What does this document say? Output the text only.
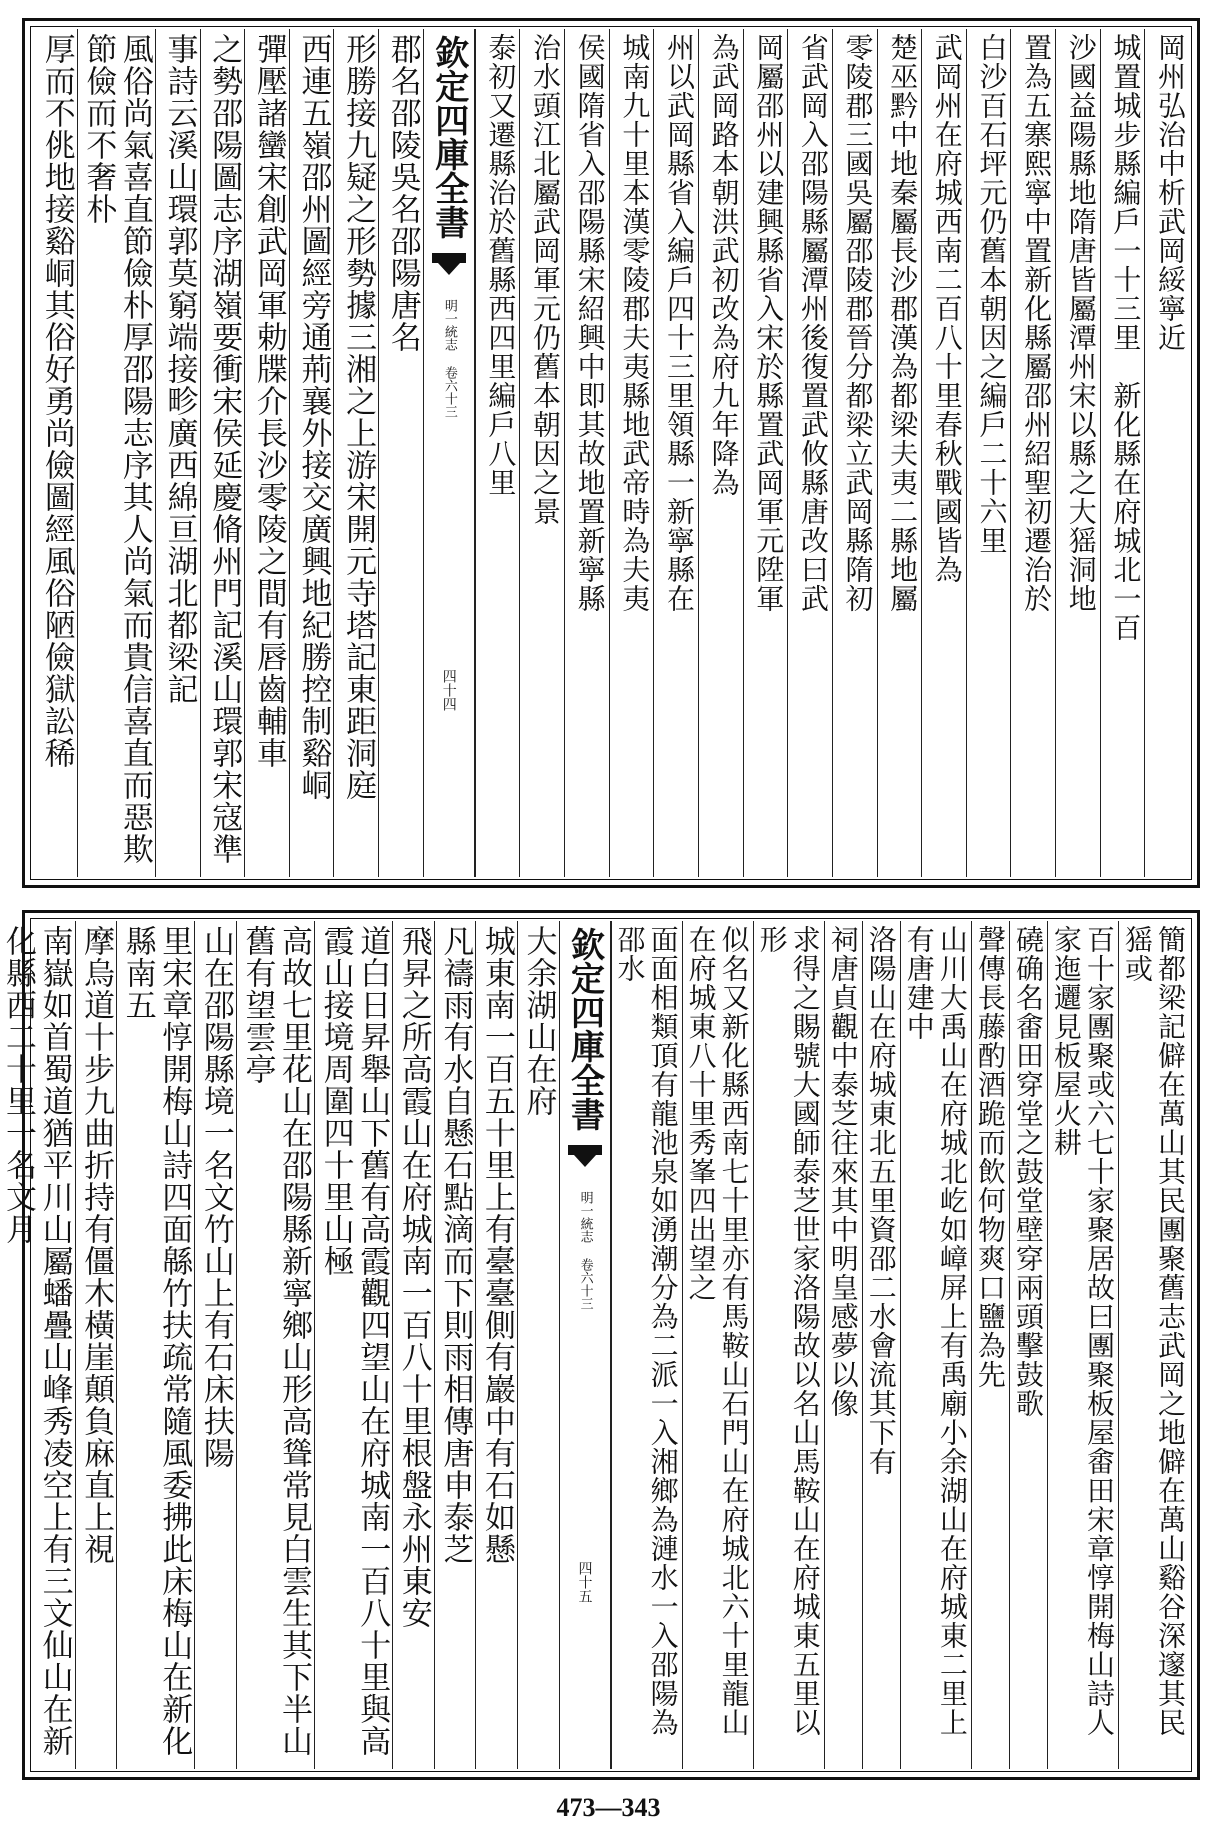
岡州弘治中析武岡綏寧近
城置城步縣編戶一十三里　新化縣在府城北一百
沙國益陽縣地隋唐皆屬潭州宋以縣之大猺洞地
置為五寨熙寧中置新化縣屬邵州紹聖初遷治於
白沙百石坪元仍舊本朝因之編戶二十六里
武岡州在府城西南二百八十里春秋戰國皆為
楚巫黔中地秦屬長沙郡漢為都梁夫夷二縣地屬
零陵郡三國吳屬邵陵郡晉分都梁立武岡縣隋初
省武岡入邵陽縣屬潭州後復置武攸縣唐改曰武
岡屬邵州以建興縣省入宋於縣置武岡軍元陞軍
為武岡路本朝洪武初改為府九年降為
州以武岡縣省入編戶四十三里領縣一新寧縣在
城南九十里本漢零陵郡夫夷縣地武帝時為夫夷
侯國隋省入邵陽縣宋紹興中即其故地置新寧縣
治水頭江北屬武岡軍元仍舊本朝因之景
泰初又遷縣治於舊縣西四里編戶八里
欽定四庫全書
明一統志 卷六十三
四十四
郡名邵陵吳名邵陽唐名
形勝接九疑之形勢據三湘之上游宋開元寺塔記東距洞庭
西連五嶺邵州圖經旁通荊襄外接交廣興地紀勝控制谿峒
彈壓諸蠻宋創武岡軍勅牒介長沙零陵之間有唇齒輔車
之勢邵陽圖志序湖嶺要衝宋侯延慶脩州門記溪山環郭宋寇準
事詩云溪山環郭莫窮端接畛廣西綿亘湖北都梁記
風俗尚氣喜直節儉朴厚邵陽志序其人尚氣而貴信喜直而惡欺節儉而不奢朴
厚而不佻地接谿峒其俗好勇尚儉圖經風俗陋儉獄訟稀
簡都梁記僻在萬山其民團聚舊志武岡之地僻在萬山谿谷深邃其民猺或
百十家團聚或六七十家聚居故曰團聚板屋畬田宋章惇開梅山詩人家迤邐見板屋火耕
磽确名畬田穿堂之鼓堂壁穿兩頭擊鼓歌
聲傳長藤酌酒跪而飲何物爽口鹽為先
山川大禹山在府城北屹如嶂屏上有禹廟小余湖山在府城東二里上有唐建中
洛陽山在府城東北五里資邵二水會流其下有
祠唐貞觀中泰芝往來其中明皇感夢以像
求得之賜號大國師泰芝世家洛陽故以名山馬鞍山在府城東五里以形
似名又新化縣西南七十里亦有馬鞍山石門山在府城北六十里龍山在府城東八十里秀峯四出望之
面面相類頂有龍池泉如湧潮分為二派一入湘鄉為漣水一入邵陽為邵水
欽定四庫全書
明一統志 卷六十三
四十五
大余湖山在府
城東南一百五十里上有臺臺側有巖中有石如懸
凡禱雨有水自懸石點滴而下則雨相傳唐申泰芝
飛昇之所高霞山在府城南一百八十里根盤永州東安
道白日昇舉山下舊有高霞觀四望山在府城南一百八十里與高霞山接境周圍四十里山極
高故七里花山在邵陽縣新寧鄉山形高聳常見白雲生其下半山舊有望雲亭
山在邵陽縣境一名文竹山上有石床扶陽
里宋章惇開梅山詩四面緜竹扶疏常隨風委拂此床梅山在新化縣南五
摩烏道十步九曲折持有僵木橫崖顛負麻直上視
南嶽如首蜀道猶平川山屬蟠疊山峰秀凌空上有三文仙山在新化縣西二十里一名文月
473—343
